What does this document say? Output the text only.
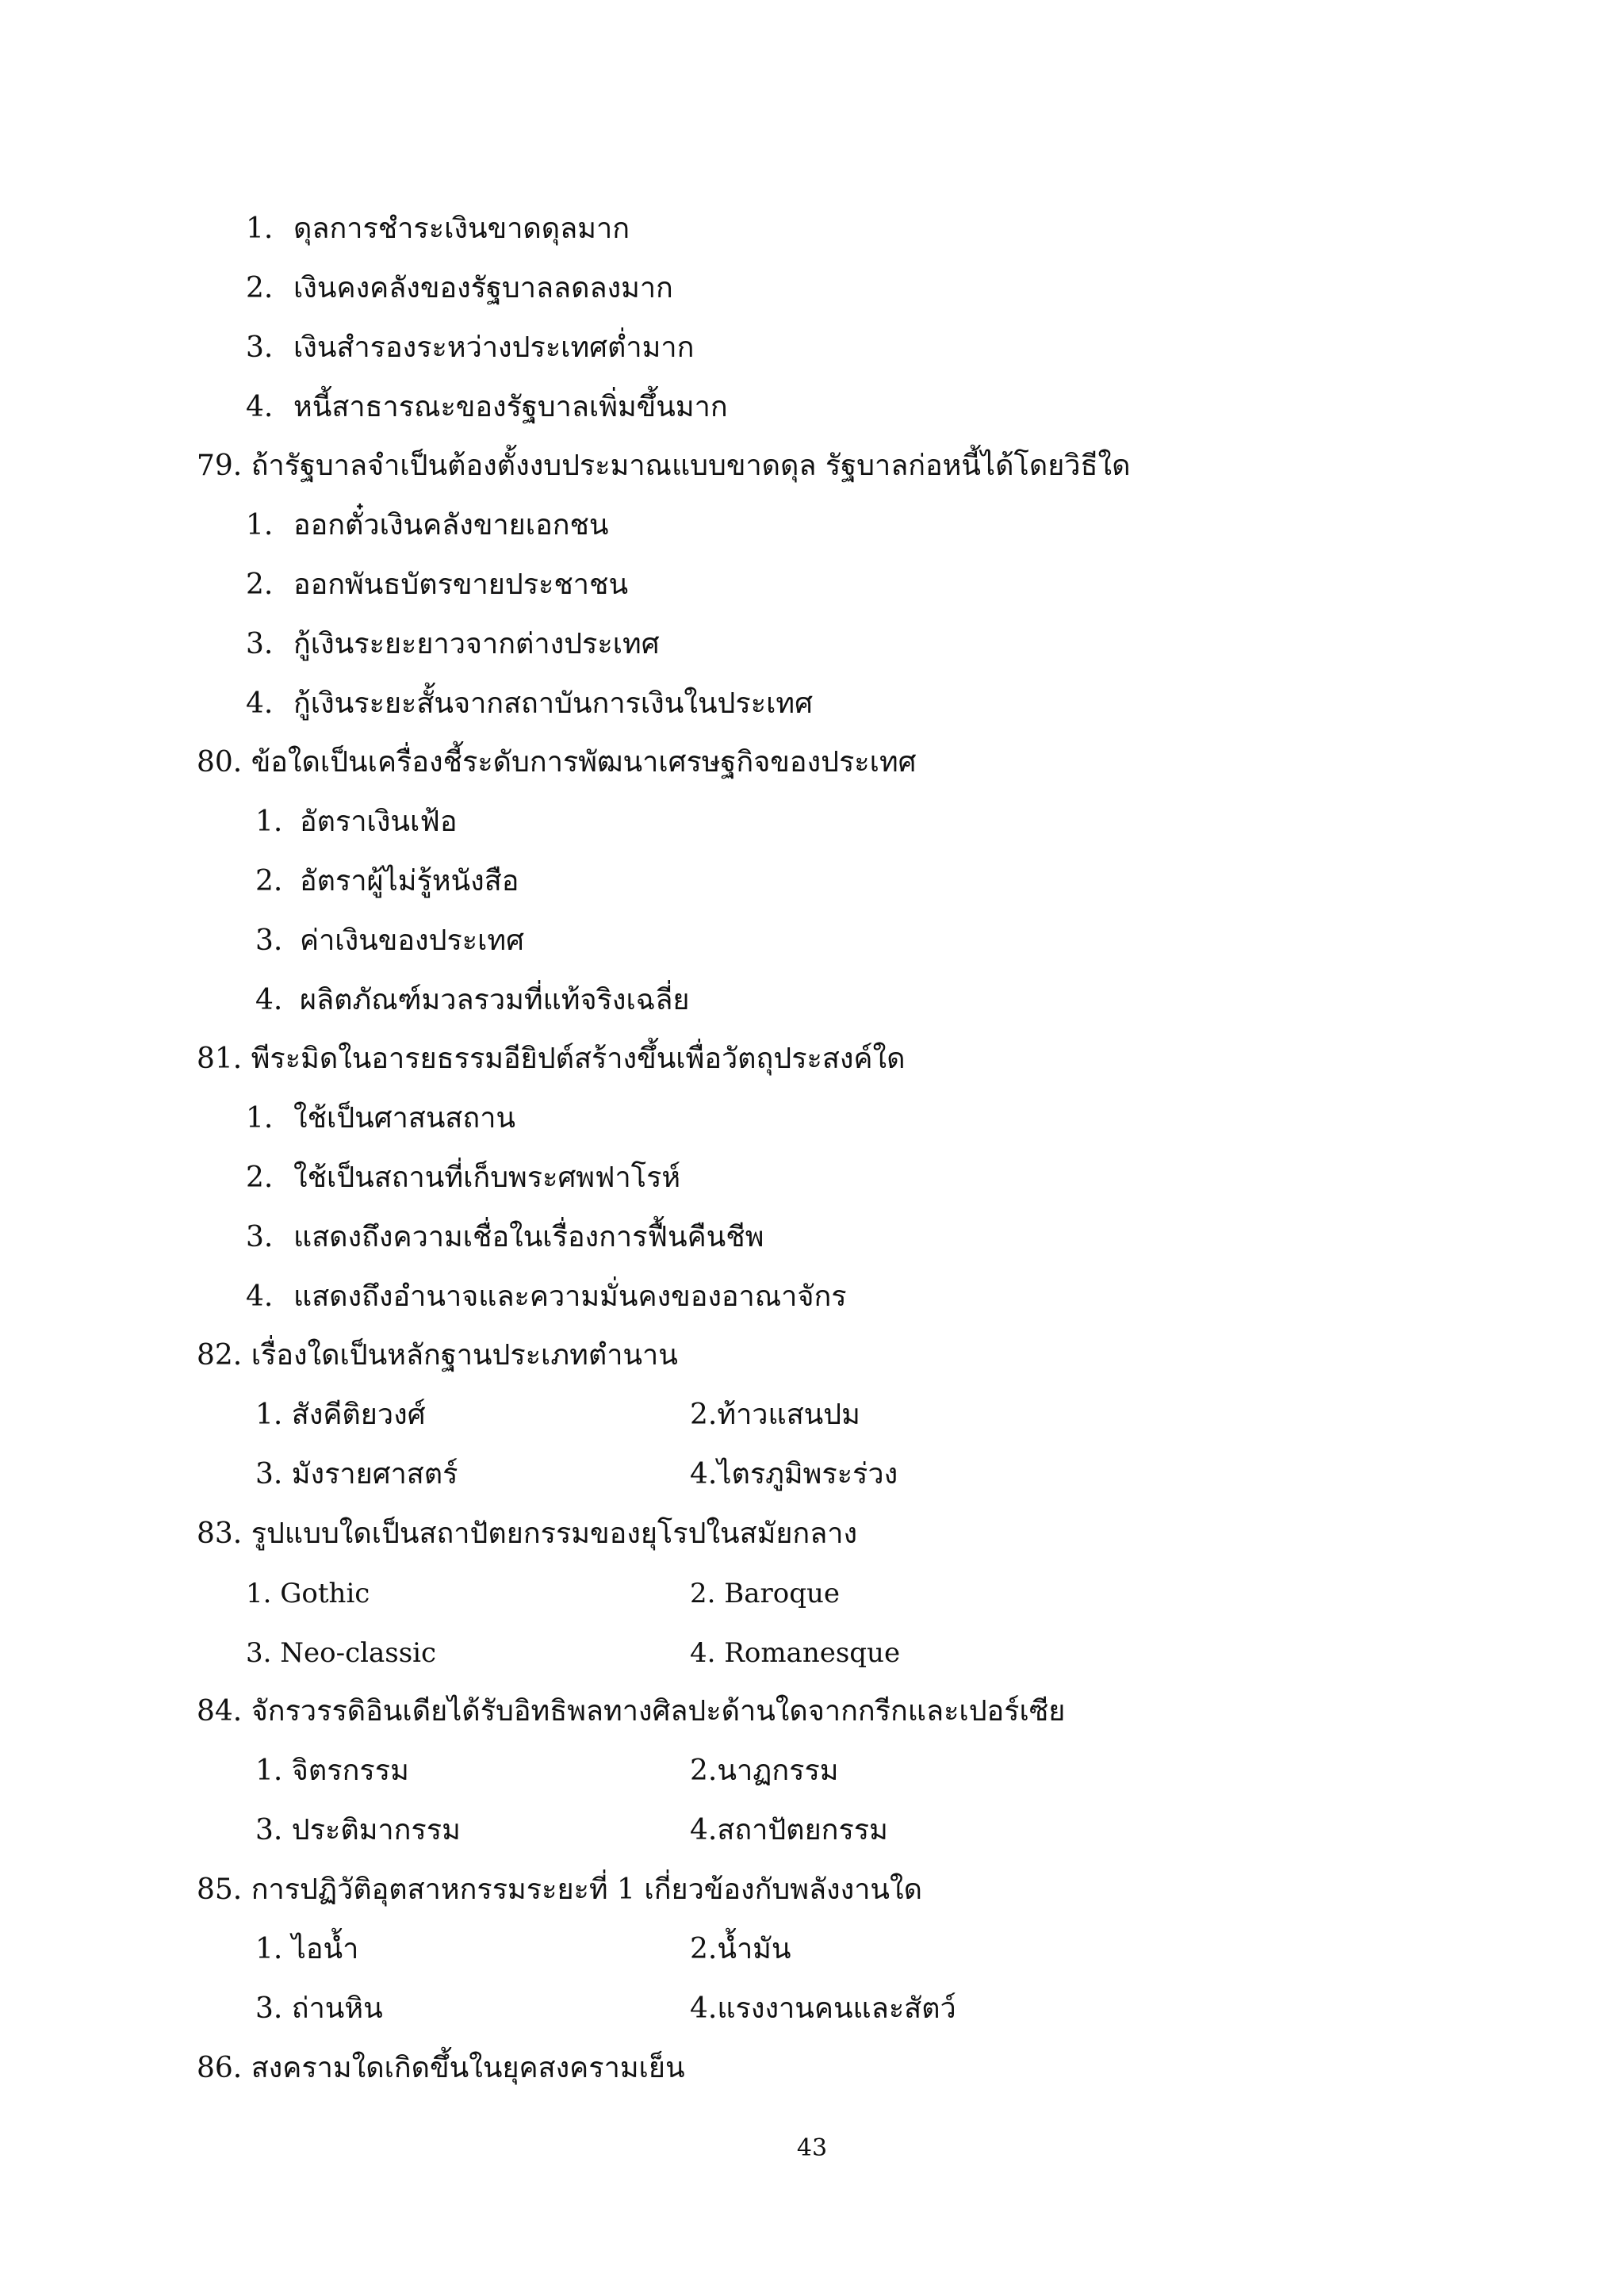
1. ดุลการชำระเงินขาดดุลมาก
2. เงินคงคลังของรัฐบาลลดลงมาก
3. เงินสำรองระหว่างประเทศต่ำมาก
4. หนี้สาธารณะของรัฐบาลเพิ่มขึ้นมาก
79. ถ้ารัฐบาลจำเป็นต้องตั้งงบประมาณแบบขาดดุล รัฐบาลก่อหนี้ได้โดยวิธีใด
1. ออกตั๋วเงินคลังขายเอกชน
2. ออกพันธบัตรขายประชาชน
3. กู้เงินระยะยาวจากต่างประเทศ
4. กู้เงินระยะสั้นจากสถาบันการเงินในประเทศ
80. ข้อใดเป็นเครื่องชี้ระดับการพัฒนาเศรษฐกิจของประเทศ
1. อัตราเงินเฟ้อ
2. อัตราผู้ไม่รู้หนังสือ
3. ค่าเงินของประเทศ
4. ผลิตภัณฑ์มวลรวมที่แท้จริงเฉลี่ย
81. พีระมิดในอารยธรรมอียิปต์สร้างขึ้นเพื่อวัตถุประสงค์ใด
1. ใช้เป็นศาสนสถาน
2. ใช้เป็นสถานที่เก็บพระศพฟาโรห์
3. แสดงถึงความเชื่อในเรื่องการฟื้นคืนชีพ
4. แสดงถึงอำนาจและความมั่นคงของอาณาจักร
82. เรื่องใดเป็นหลักฐานประเภทตำนาน
1. สังคีติยวงศ์	2.ท้าวแสนปม
3. มังรายศาสตร์	4.ไตรภูมิพระร่วง
83. รูปแบบใดเป็นสถาปัตยกรรมของยุโรปในสมัยกลาง
1. Gothic	2. Baroque
3. Neo-classic	4. Romanesque
84. จักรวรรดิอินเดียได้รับอิทธิพลทางศิลปะด้านใดจากกรีกและเปอร์เซีย
1. จิตรกรรม	2.นาฏกรรม
3. ประติมากรรม	4.สถาปัตยกรรม
85. การปฏิวัติอุตสาหกรรมระยะที่ 1 เกี่ยวข้องกับพลังงานใด
1. ไอน้ำ	2.น้ำมัน
3. ถ่านหิน	4.แรงงานคนและสัตว์
86. สงครามใดเกิดขึ้นในยุคสงครามเย็น
43
